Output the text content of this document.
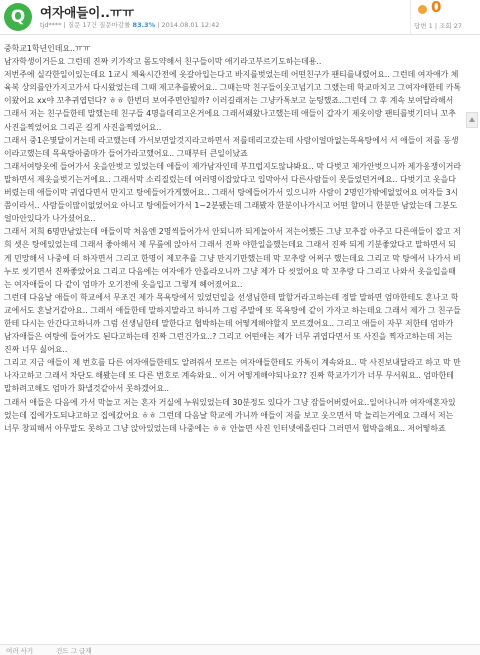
Q	여자애들이..ㅠㅠ
tjd**** | 질문 17건 질문마감률 83.3% | 2014.08.01 12:42
0
답변 1 | 조회 27

중학교1학년인데요..ㅠㅠ

남자학생이거든요 그런데 진짜 키가작고 몸도약해서 친구들이막 애기라고부르기도하는데용..

저번주에 실각한일이있는데요 1교시 체육시간전에 옷갈아입는다고 바지를벗었는데 어떤친구가 팬티를내렸어요.. 그런데 여자애가 체육복 상의를안가지고가서 다시왔었는데 그때 제고추를봤어요.. 그때는막 친구들이웃고넘기고 그랬는데 학교마치고 그여자애한테 카톡이왔어요 xx야 꼬추귀엽던다? ㅎㅎ 한번더 보여주면안될까? 이러길래저는 그냥카톡보고 눈팅했죠..그런데 그 후 계속 보여달라해서 그래서 저는 친구들한테 말했는데 친구들 4명을데리고온거에요 그래서왜왔나고했는데 애들이 갑자기 제옷이랑 팬티를벗기더니 꼬추사진을찍었어요 그리곤 길게 사진을찍었어요..

그래서 중1은몇달이거는데 라고했는데 가서보면알것지라고하면서 저를데리고갔는데 사람이얼마없는목욕탕에서 서 애들이 저를 동생이라고했는데 목욕탕아줌마가 들어가라고했어요.. 그때부터 큰일이났죠

그래서여탕옷에 들어가서 옷을안벗고 있었는데 애들이 제가남자인데 부끄럽지도않냐봐요.. 막 다벗고 제가안벗으니까 제가옹쟁이거라 말하면서 제옷을벗기는거에요.. 그래서막 소리질렀는데 여러명이잡았다고 입막아서 다른사람들이 못들었던거에요.. 다벗기고 옷을다버렸는데 애들이막 귀엽다면서 만지고 탕에들어가게했어요.. 그래서 탕에들어가서 있으니까 사람이 2명인가밖에없었어요 여자들 3시쯤이라서.. 사람들이많이없었어요 아니고 탕에들어가서 1~2분됐는데 그래봤자 한분이나가시고 어떤 할머니 한분만 남았는데 그분도 얼마안있다가 나가셨어요..

그래서 저희 6명만남았는데 애들이막 처음엔 2명씩들어가서 안되니까 되게놀아서 저는어쨌든 그냥 꼬추잡 아주고 다른애들이 잡고 저희 셋은 탕에있었는데 그래서 좋아해서 제 무릎에 앉아서 그래서 진짜 야한일을했는데요 그래서 진짜 되게 기분좋았다고 말하면서 되게 민망해서 나중에 더 하자면서 그리고 한명이 제꼬추를 그냥 만지기만했는데 막 꼬추랑 어쩌구 했는데요 그리고 막 탕에서 나가서 비누로 씻기면서 진짜좋았어요 그리고 다음에는 여자애가 안올라오니까 그냥 제가 다 씻었어요 막 꼬추랑 다 그리고 나와서 옷을입을때는 여자애들이 다 같이 엄마가 오기전에 옷을입고 그렇게 헤어졌어요..

그런데 다음날 애들이 학교에서 무조건 제가 목욕탕에서 있었던일을 선생님한테 말할거라고하는데 정말 말하면 엄마한테도 혼나고 학교에서도 혼날거같아요.. 그래서 애들한테 말하지말라고 하니까 그럼 주말에 또 목욕탕에 같이 가자고 하는데요 그래서 제가 그 친구들한테 다시는 안간다고하니까 그럼 선생님한테 말한다고 협박하는데 어떻게해야할지 모르겠어요.. 그리고 애들이 자꾸 저한테 엄마가 남자애들은 여탕에 들어가도 된다고하는데 진짜 그런건가요..? 그리고 어떤애는 제가 너무 귀엽다면서 또 사진을 찍자고하는데 저는 진짜 너무 싫어요..

그리고 지금 애들이 제 번호를 다른 여자애들한테도 알려줘서 모르는 여자애들한테도 카톡이 계속와요.. 막 사진보내달라고 하고 막 만나자고하고 그래서 차단도 해봤는데 또 다른 번호로 계속와요.. 이거 어떻게해야되나요?? 진짜 학교가기가 너무 무서워요.. 엄마한테 말하려고해도 엄마가 화낼것같아서 못하겠어요..

그래서 애들은 다음에 가서 막놀고 저는 혼자 거실에 누워있었는데 30분정도 있다가 그냥 잠들어버렸어요..일어나니까 여자애혼자있었는데 집에가도되냐고하고 집에갔어요 ㅎㅎ 그런데 다음날 학교에 가니까 애들이 저를 보고 웃으면서 막 놀리는거에요 그래서 저는 너무 창피해서 아무말도 못하고 그냥 앉아있었는데 나중에는 ㅎㅎ 안놀면 사진 인터넷에올린다 그러면서 협박을해요.. 저어떻하죠

여러 사기	건드 그 급재
